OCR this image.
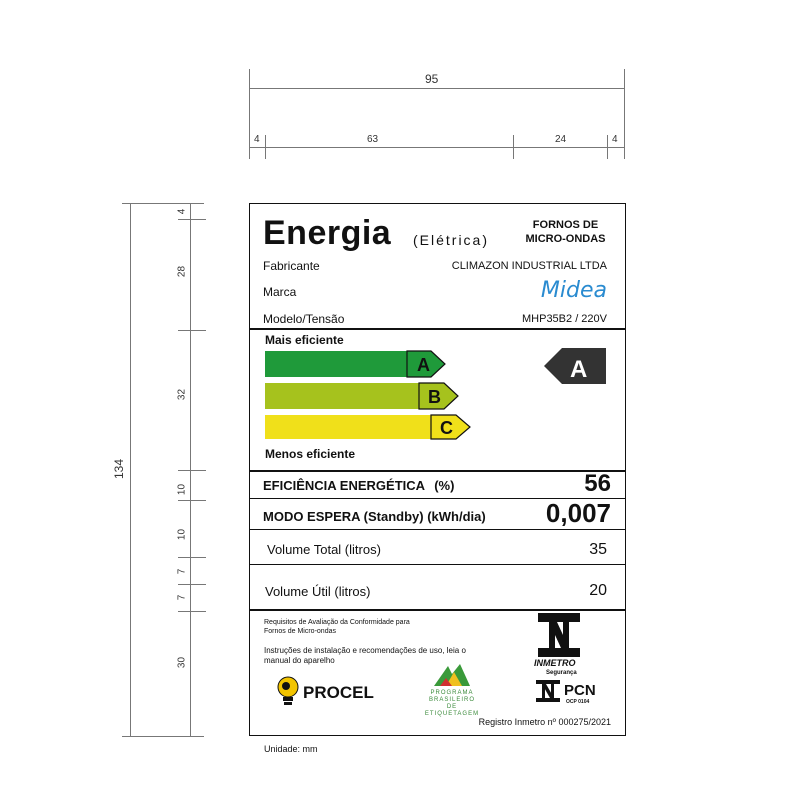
95
4	63	24	4
134
4
28
32
10
10
7
7
30
Energia (Elétrica)
FORNOS DE
MICRO-ONDAS
Fabricante	CLIMAZON INDUSTRIAL LTDA
Marca	Midea
Modelo/Tensão	MHP35B2 / 220V
Mais eficiente
A
B
C
A
Menos eficiente
EFICIÊNCIA ENERGÉTICA (%)	56
MODO ESPERA (Standby) (kWh/dia) 0,007
Volume Total (litros)	35
Volume Útil (litros)	20
Requisitos de Avaliação da Conformidade para
Fornos de Micro-ondas
Instruções de instalação e recomendações de uso, leia o
manual do aparelho
PROCEL	PROGRAMA
BRASILEIRO DE
ETIQUETAGEM
INMETRO
Segurança
PCN
OCP 0104
Registro Inmetro nº 000275/2021
Unidade: mm
